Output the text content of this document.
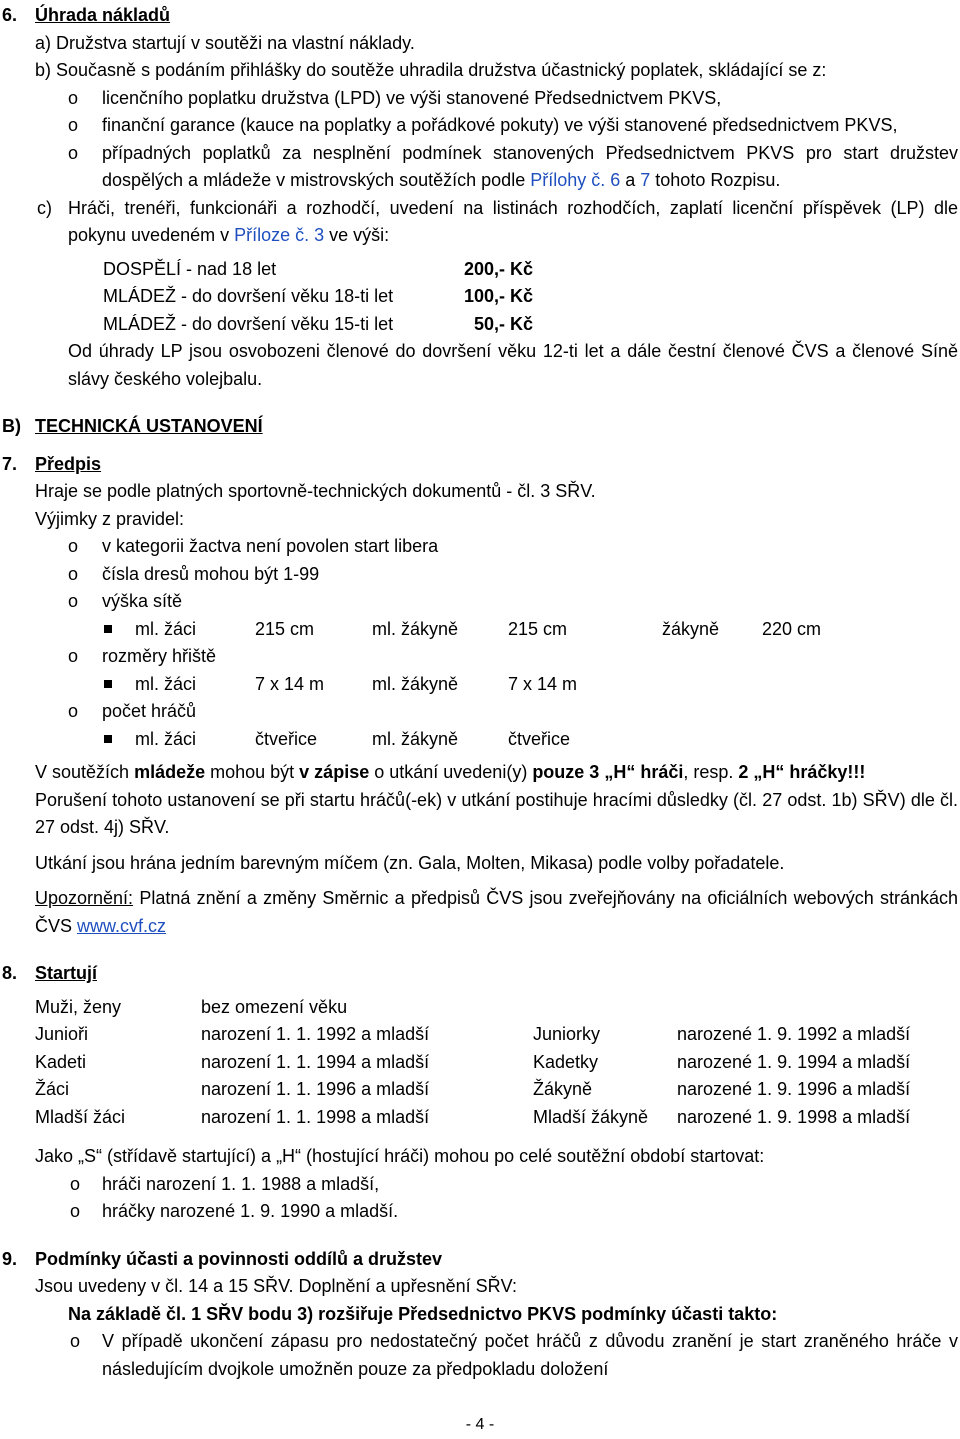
6. Úhrada nákladů
a) Družstva startují v soutěži na vlastní náklady.
b) Současně s podáním přihlášky do soutěže uhradila družstva účastnický poplatek, skládající se z:
o licenčního poplatku družstva (LPD) ve výši stanovené Předsednictvem PKVS,
o finanční garance (kauce na poplatky a pořádkové pokuty) ve výši stanovené předsednictvem PKVS,
o případných poplatků za nesplnění podmínek stanovených Předsednictvem PKVS pro start družstev dospělých a mládeže v mistrovských soutěžích podle Přílohy č. 6 a 7 tohoto Rozpisu.
c) Hráči, trenéři, funkcionáři a rozhodčí, uvedení na listinách rozhodčích, zaplatí licenční příspěvek (LP) dle pokynu uvedeném v Příloze č. 3 ve výši:
DOSPĚLÍ - nad 18 let	200,- Kč
MLÁDEŽ - do dovršení věku 18-ti let	100,- Kč
MLÁDEŽ - do dovršení věku 15-ti let	50,- Kč
Od úhrady LP jsou osvobozeni členové do dovršení věku 12-ti let a dále čestní členové ČVS a členové Síně slávy českého volejbalu.
B) TECHNICKÁ USTANOVENÍ
7. Předpis
Hraje se podle platných sportovně-technických dokumentů - čl. 3 SŘV.
Výjimky z pravidel:
o v kategorii žactva není povolen start libera
o čísla dresů mohou být 1-99
o výška sítě
ml. žáci	215 cm	ml. žákyně	215 cm	žákyně 220 cm
o rozměry hřiště
ml. žáci	7 x 14 m	ml. žákyně	7 x 14 m
o počet hráčů
ml. žáci	čtveřice	ml. žákyně	čtveřice
V soutěžích mládeže mohou být v zápise o utkání uvedeni(y) pouze 3 „H“ hráči, resp. 2 „H“ hráčky!!!
Porušení tohoto ustanovení se při startu hráčů(-ek) v utkání postihuje hracími důsledky (čl. 27 odst. 1b) SŘV) dle čl. 27 odst. 4j) SŘV.
Utkání jsou hrána jedním barevným míčem (zn. Gala, Molten, Mikasa) podle volby pořadatele.
Upozornění: Platná znění a změny Směrnic a předpisů ČVS jsou zveřejňovány na oficiálních webových stránkách ČVS www.cvf.cz
8. Startují
Muži, ženy	bez omezení věku
Junioři	narození 1. 1. 1992 a mladší	Juniorky	narozené 1. 9. 1992 a mladší
Kadeti	narození 1. 1. 1994 a mladší	Kadetky	narozené 1. 9. 1994 a mladší
Žáci	narození 1. 1. 1996 a mladší	Žákyně	narozené 1. 9. 1996 a mladší
Mladší žáci	narození 1. 1. 1998 a mladší	Mladší žákyně narozené 1. 9. 1998 a mladší
Jako „S“ (střídavě startující) a „H“ (hostující hráči) mohou po celé soutěžní období startovat:
o hráči narození 1. 1. 1988 a mladší,
o hráčky narozené 1. 9. 1990 a mladší.
9. Podmínky účasti a povinnosti oddílů a družstev
Jsou uvedeny v čl. 14 a 15 SŘV. Doplnění a upřesnění SŘV:
Na základě čl. 1 SŘV bodu 3) rozšiřuje Předsednictvo PKVS podmínky účasti takto:
o V případě ukončení zápasu pro nedostatečný počet hráčů z důvodu zranění je start zraněného hráče v následujícím dvojkole umožněn pouze za předpokladu doložení
- 4 -
